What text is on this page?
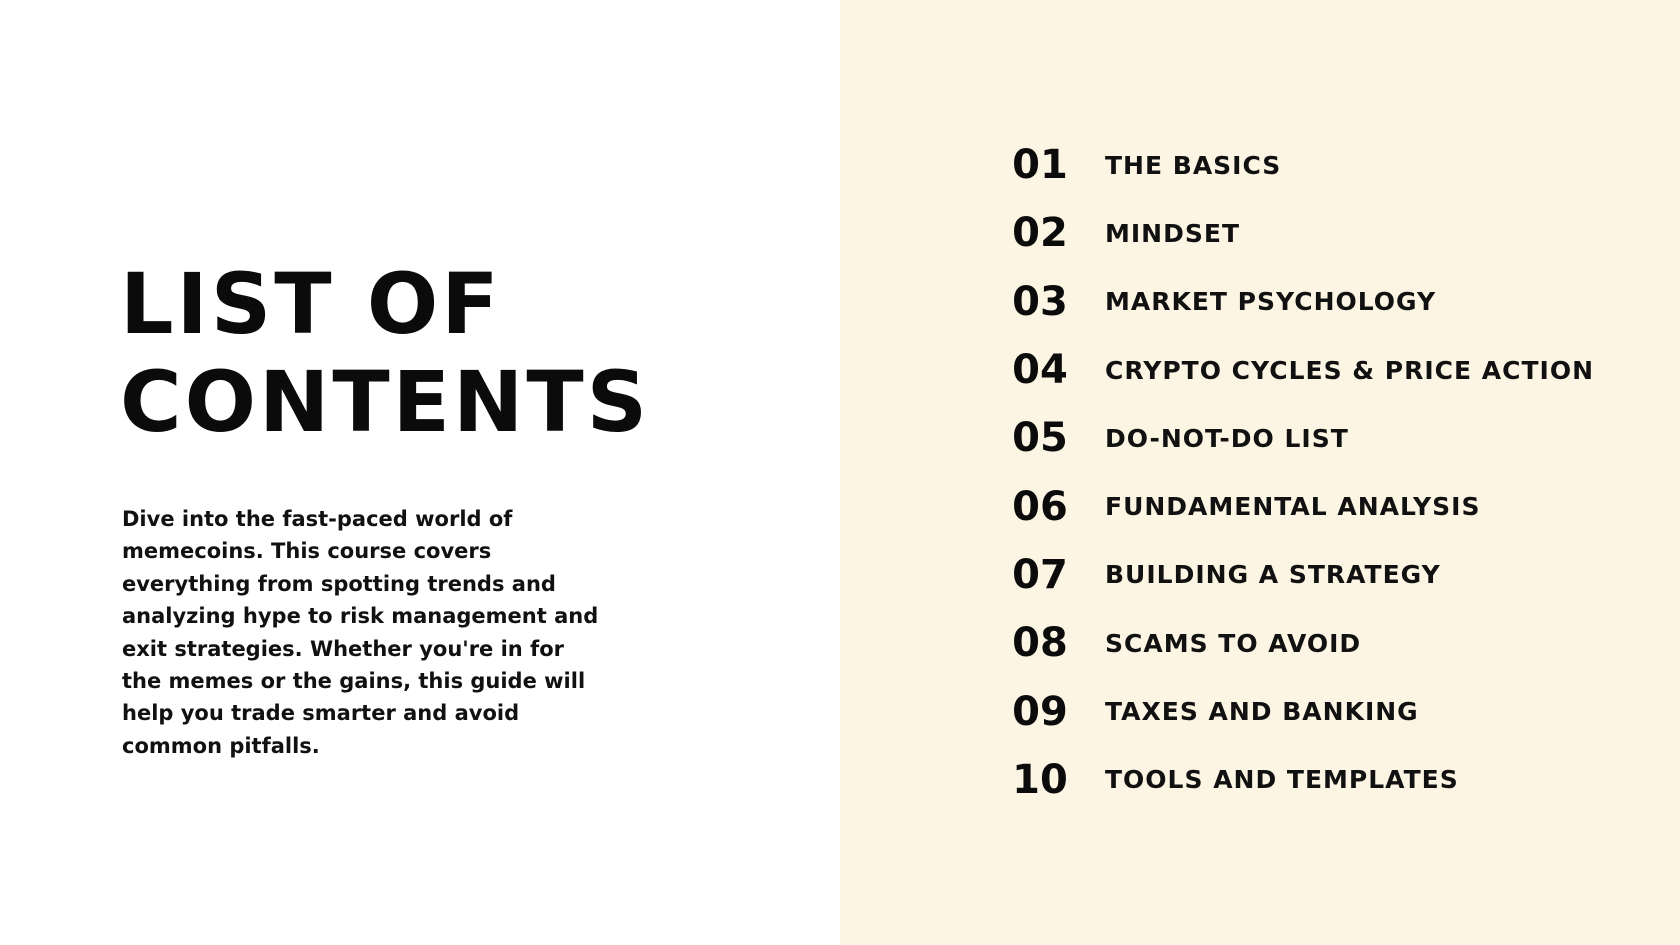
LIST OF
CONTENTS

Dive into the fast-paced world of memecoins. This course covers everything from spotting trends and analyzing hype to risk management and exit strategies. Whether you're in for the memes or the gains, this guide will help you trade smarter and avoid common pitfalls.

01	THE BASICS
02	MINDSET
03	MARKET PSYCHOLOGY
04	CRYPTO CYCLES & PRICE ACTION
05	DO-NOT-DO LIST
06	FUNDAMENTAL ANALYSIS
07	BUILDING A STRATEGY
08	SCAMS TO AVOID
09	TAXES AND BANKING
10	TOOLS AND TEMPLATES
